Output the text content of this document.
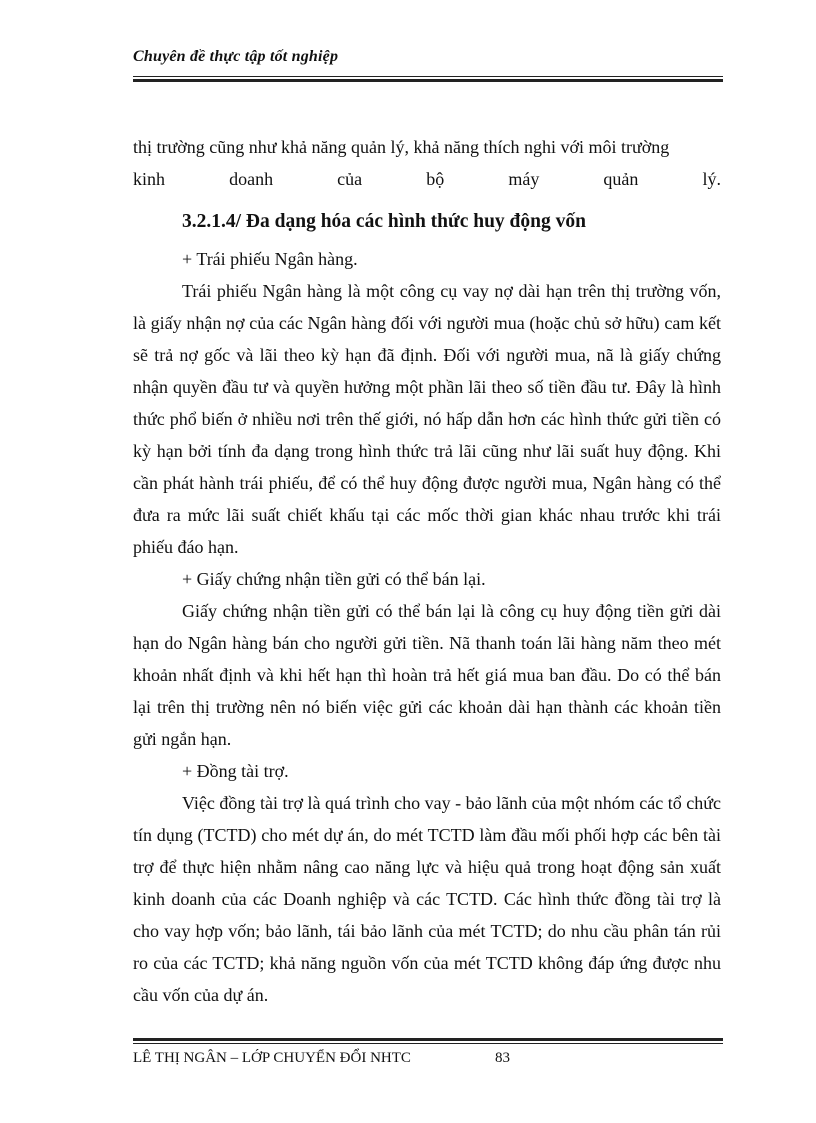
Chuyên đề thực tập tốt nghiệp

thị trường cũng như khả năng quản lý, khả năng thích nghi với môi trường

kinh doanh của bộ máy quản lý.

3.2.1.4/ Đa dạng hóa các hình thức huy động vốn

+ Trái phiếu Ngân hàng.

Trái phiếu Ngân hàng là một công cụ vay nợ dài hạn trên thị trường vốn, là giấy nhận nợ của các Ngân hàng đối với người mua (hoặc chủ sở hữu) cam kết sẽ trả nợ gốc và lãi theo kỳ hạn đã định. Đối với người mua, nã là giấy chứng nhận quyền đầu tư và quyền hưởng một phần lãi theo số tiền đầu tư. Đây là hình thức phổ biến ở nhiều nơi trên thế giới, nó hấp dẫn hơn các hình thức gửi tiền có kỳ hạn bởi tính đa dạng trong hình thức trả lãi cũng như lãi suất huy động. Khi cần phát hành trái phiếu, để có thể huy động được người mua, Ngân hàng có thể đưa ra mức lãi suất chiết khấu tại các mốc thời gian khác nhau trước khi trái phiếu đáo hạn.

+ Giấy chứng nhận tiền gửi có thể bán lại.

Giấy chứng nhận tiền gửi có thể bán lại là công cụ huy động tiền gửi dài hạn do Ngân hàng bán cho người gửi tiền. Nã thanh toán lãi hàng năm theo mét khoản nhất định và khi hết hạn thì hoàn trả hết giá mua ban đầu. Do có thể bán lại trên thị trường nên nó biến việc gửi các khoản dài hạn thành các khoản tiền gửi ngắn hạn.

+ Đồng tài trợ.

Việc đồng tài trợ là quá trình cho vay - bảo lãnh của một nhóm các tổ chức tín dụng (TCTD) cho mét dự án, do mét TCTD làm đầu mối phối hợp các bên tài trợ để thực hiện nhằm nâng cao năng lực và hiệu quả trong hoạt động sản xuất kinh doanh của các Doanh nghiệp và các TCTD. Các hình thức đồng tài trợ là cho vay hợp vốn; bảo lãnh, tái bảo lãnh của mét TCTD; do nhu cầu phân tán rủi ro của các TCTD; khả năng nguồn vốn của mét TCTD không đáp ứng được nhu cầu vốn của dự án.

LÊ THỊ NGÂN – LỚP CHUYỂN ĐỔI NHTC	83
